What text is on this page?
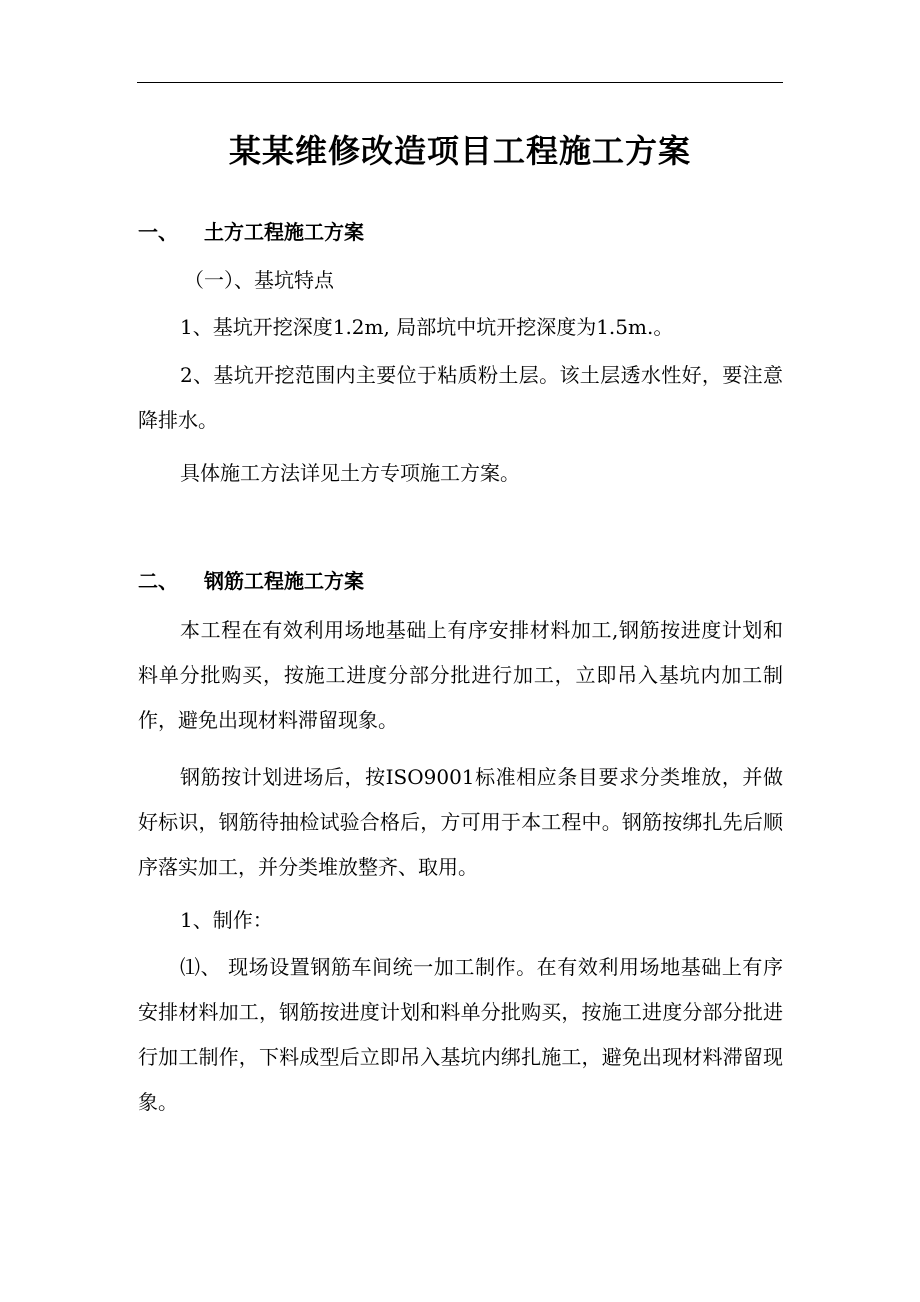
某某维修改造项目工程施工方案
一、 土方工程施工方案

（一）、基坑特点

1、基坑开挖深度1.2m, 局部坑中坑开挖深度为1.5m.。

2、基坑开挖范围内主要位于粘质粉土层。该土层透水性好，要注意降排水。

具体施工方法详见土方专项施工方案。

二、 钢筋工程施工方案

本工程在有效利用场地基础上有序安排材料加工,钢筋按进度计划和料单分批购买，按施工进度分部分批进行加工，立即吊入基坑内加工制作，避免出现材料滞留现象。

钢筋按计划进场后，按ISO9001标准相应条目要求分类堆放，并做好标识，钢筋待抽检试验合格后，方可用于本工程中。钢筋按绑扎先后顺序落实加工，并分类堆放整齐、取用。

1、制作：

⑴、 现场设置钢筋车间统一加工制作。在有效利用场地基础上有序安排材料加工，钢筋按进度计划和料单分批购买，按施工进度分部分批进行加工制作，下料成型后立即吊入基坑内绑扎施工，避免出现材料滞留现象。
